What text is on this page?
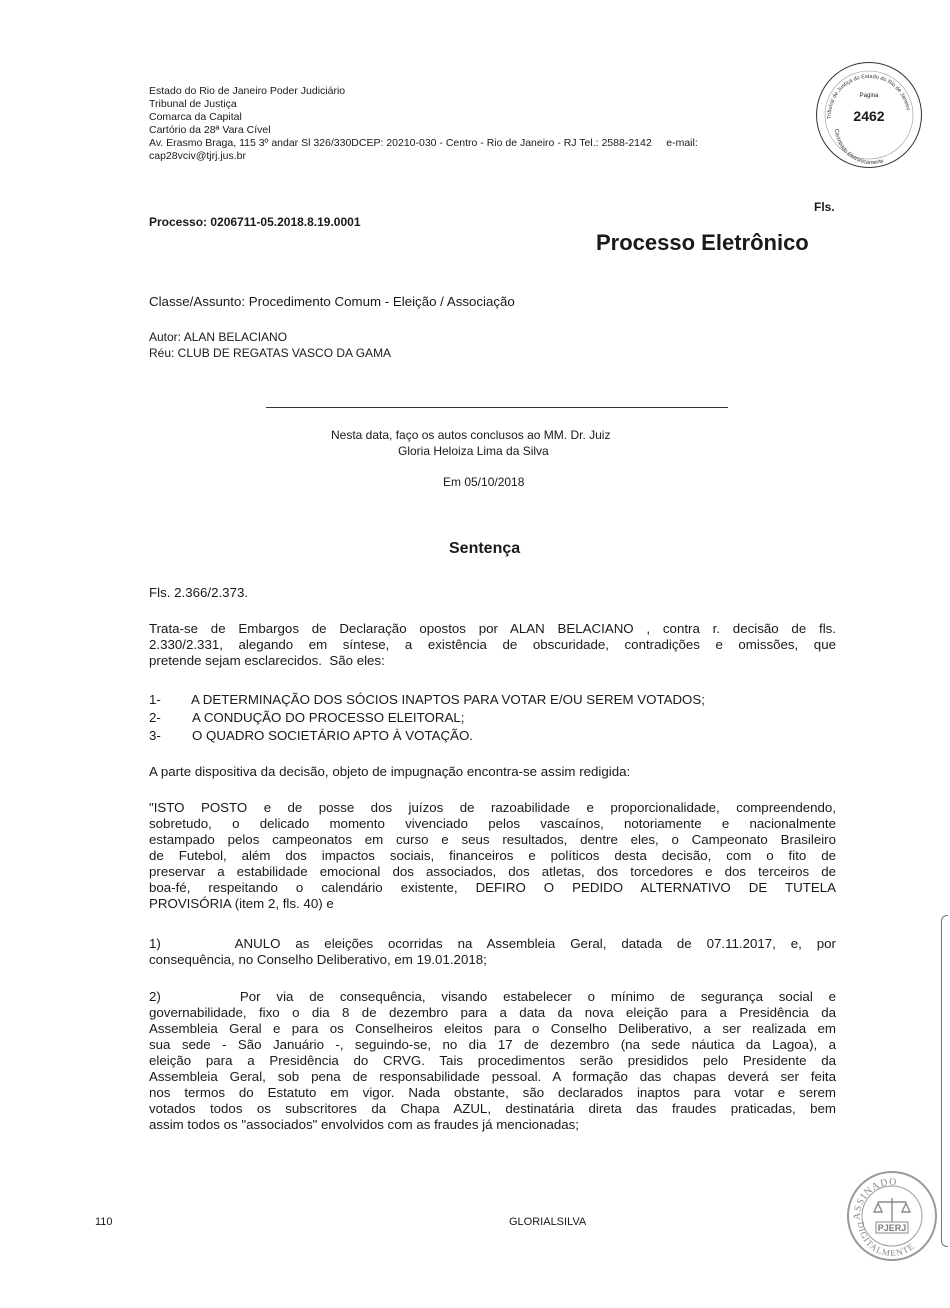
Estado do Rio de Janeiro Poder Judiciário
Tribunal de Justiça
Comarca da Capital
Cartório da 28ª Vara Cível
Av. Erasmo Braga, 115 3º andar Sl 326/330DCEP: 20210-030 - Centro - Rio de Janeiro - RJ Tel.: 2588-2142     e-mail:
cap28vciv@tjrj.jus.br
Tribunal de Justiça do Estado do Rio de Janeiro
Carimbado Eletronicamente
Pagina
2462
Fls.
Processo: 0206711-05.2018.8.19.0001
Processo Eletrônico
Classe/Assunto: Procedimento Comum - Eleição / Associação
Autor: ALAN BELACIANO
Réu: CLUB DE REGATAS VASCO DA GAMA
Nesta data, faço os autos conclusos ao MM. Dr. Juiz
Gloria Heloiza Lima da Silva
Em 05/10/2018
Sentença
Fls. 2.366/2.373.
Trata-se de Embargos de Declaração opostos por ALAN BELACIANO , contra r. decisão de fls.
2.330/2.331, alegando em síntese, a existência de obscuridade, contradições e omissões, que
pretende sejam esclarecidos.  São eles:
1- A DETERMINAÇÃO DOS SÓCIOS INAPTOS PARA VOTAR E/OU SEREM VOTADOS;
2- A CONDUÇÃO DO PROCESSO ELEITORAL;
3- O QUADRO SOCIETÁRIO APTO À VOTAÇÃO.
A parte dispositiva da decisão, objeto de impugnação encontra-se assim redigida:
"ISTO POSTO e de posse dos juízos de razoabilidade e proporcionalidade, compreendendo,
sobretudo, o delicado momento vivenciado pelos vascaínos, notoriamente e nacionalmente
estampado pelos campeonatos em curso e seus resultados, dentre eles, o Campeonato Brasileiro
de Futebol, além dos impactos sociais, financeiros e políticos desta decisão, com o fito de
preservar a estabilidade emocional dos associados, dos atletas, dos torcedores e dos terceiros de
boa-fé, respeitando o calendário existente, DEFIRO O PEDIDO ALTERNATIVO DE TUTELA
PROVISÓRIA (item 2, fls. 40) e
1)     ANULO as eleições ocorridas na Assembleia Geral, datada de 07.11.2017, e, por
consequência, no Conselho Deliberativo, em 19.01.2018;
2)     Por via de consequência, visando estabelecer o mínimo de segurança social e
governabilidade, fixo o dia 8 de dezembro para a data da nova eleição para a Presidência da
Assembleia Geral e para os Conselheiros eleitos para o Conselho Deliberativo, a ser realizada em
sua sede - São Januário -, seguindo-se, no dia 17 de dezembro (na sede náutica da Lagoa), a
eleição para a Presidência do CRVG. Tais procedimentos serão presididos pelo Presidente da
Assembleia Geral, sob pena de responsabilidade pessoal. A formação das chapas deverá ser feita
nos termos do Estatuto em vigor. Nada obstante, são declarados inaptos para votar e serem
votados todos os subscritores da Chapa AZUL, destinatária direta das fraudes praticadas, bem
assim todos os "associados" envolvidos com as fraudes já mencionadas;
110	GLORIALSILVA
ASSINADO
DIGITALMENTE
PJERJ
